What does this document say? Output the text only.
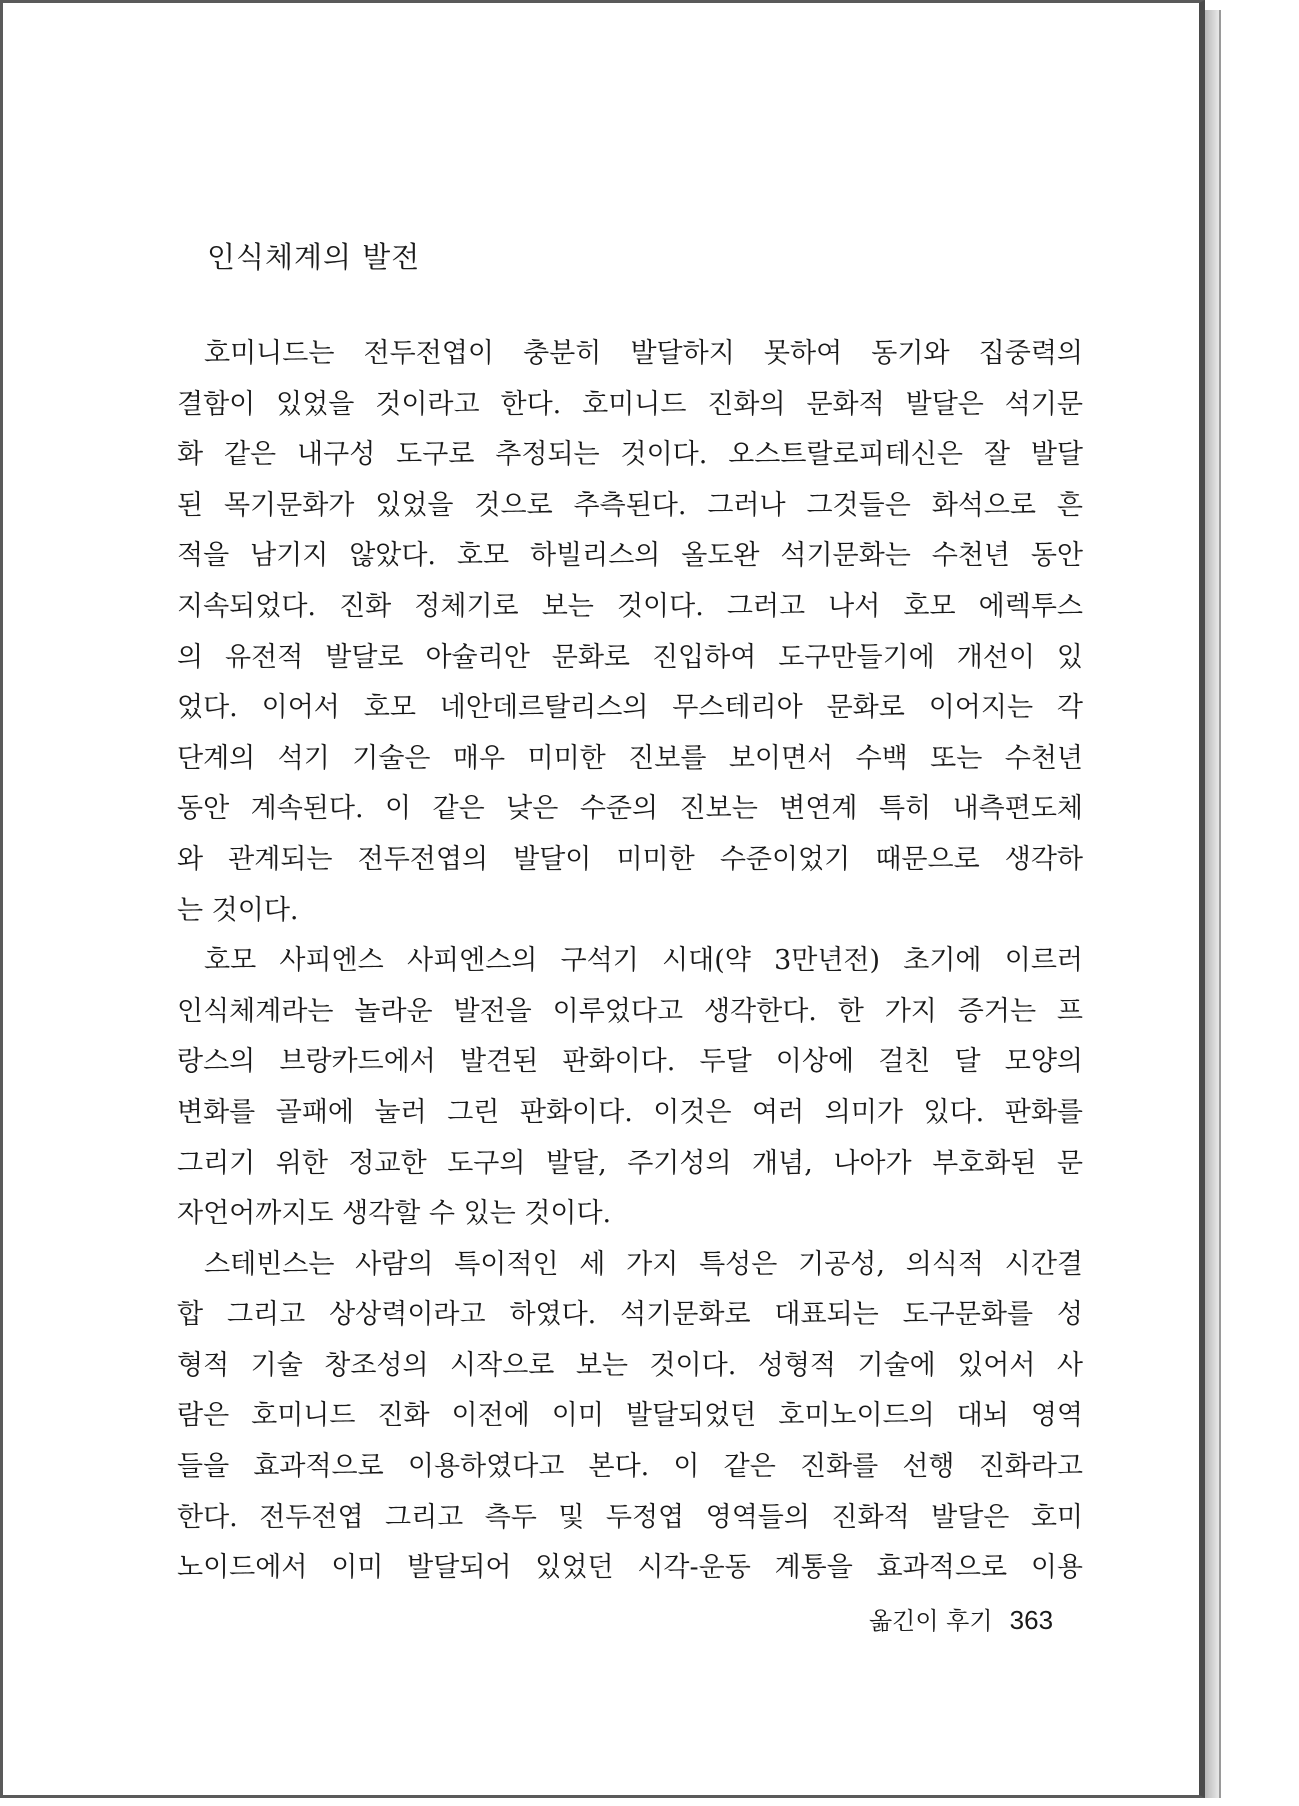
인식체계의 발전
 호미니드는 전두전엽이 충분히 발달하지 못하여 동기와 집중력의
결함이 있었을 것이라고 한다. 호미니드 진화의 문화적 발달은 석기문
화 같은 내구성 도구로 추정되는 것이다. 오스트랄로피테신은 잘 발달
된 목기문화가 있었을 것으로 추측된다. 그러나 그것들은 화석으로 흔
적을 남기지 않았다. 호모 하빌리스의 올도완 석기문화는 수천년 동안
지속되었다. 진화 정체기로 보는 것이다. 그러고 나서 호모 에렉투스
의 유전적 발달로 아슐리안 문화로 진입하여 도구만들기에 개선이 있
었다. 이어서 호모 네안데르탈리스의 무스테리아 문화로 이어지는 각
단계의 석기 기술은 매우 미미한 진보를 보이면서 수백 또는 수천년
동안 계속된다. 이 같은 낮은 수준의 진보는 변연계 특히 내측편도체
와 관계되는 전두전엽의 발달이 미미한 수준이었기 때문으로 생각하
는 것이다.
 호모 사피엔스 사피엔스의 구석기 시대(약 3만년전) 초기에 이르러
인식체계라는 놀라운 발전을 이루었다고 생각한다. 한 가지 증거는 프
랑스의 브랑카드에서 발견된 판화이다. 두달 이상에 걸친 달 모양의
변화를 골패에 눌러 그린 판화이다. 이것은 여러 의미가 있다. 판화를
그리기 위한 정교한 도구의 발달, 주기성의 개념, 나아가 부호화된 문
자언어까지도 생각할 수 있는 것이다.
 스테빈스는 사람의 특이적인 세 가지 특성은 기공성, 의식적 시간결
합 그리고 상상력이라고 하였다. 석기문화로 대표되는 도구문화를 성
형적 기술 창조성의 시작으로 보는 것이다. 성형적 기술에 있어서 사
람은 호미니드 진화 이전에 이미 발달되었던 호미노이드의 대뇌 영역
들을 효과적으로 이용하였다고 본다. 이 같은 진화를 선행 진화라고
한다. 전두전엽 그리고 측두 및 두정엽 영역들의 진화적 발달은 호미
노이드에서 이미 발달되어 있었던 시각-운동 계통을 효과적으로 이용
옮긴이 후기 363
